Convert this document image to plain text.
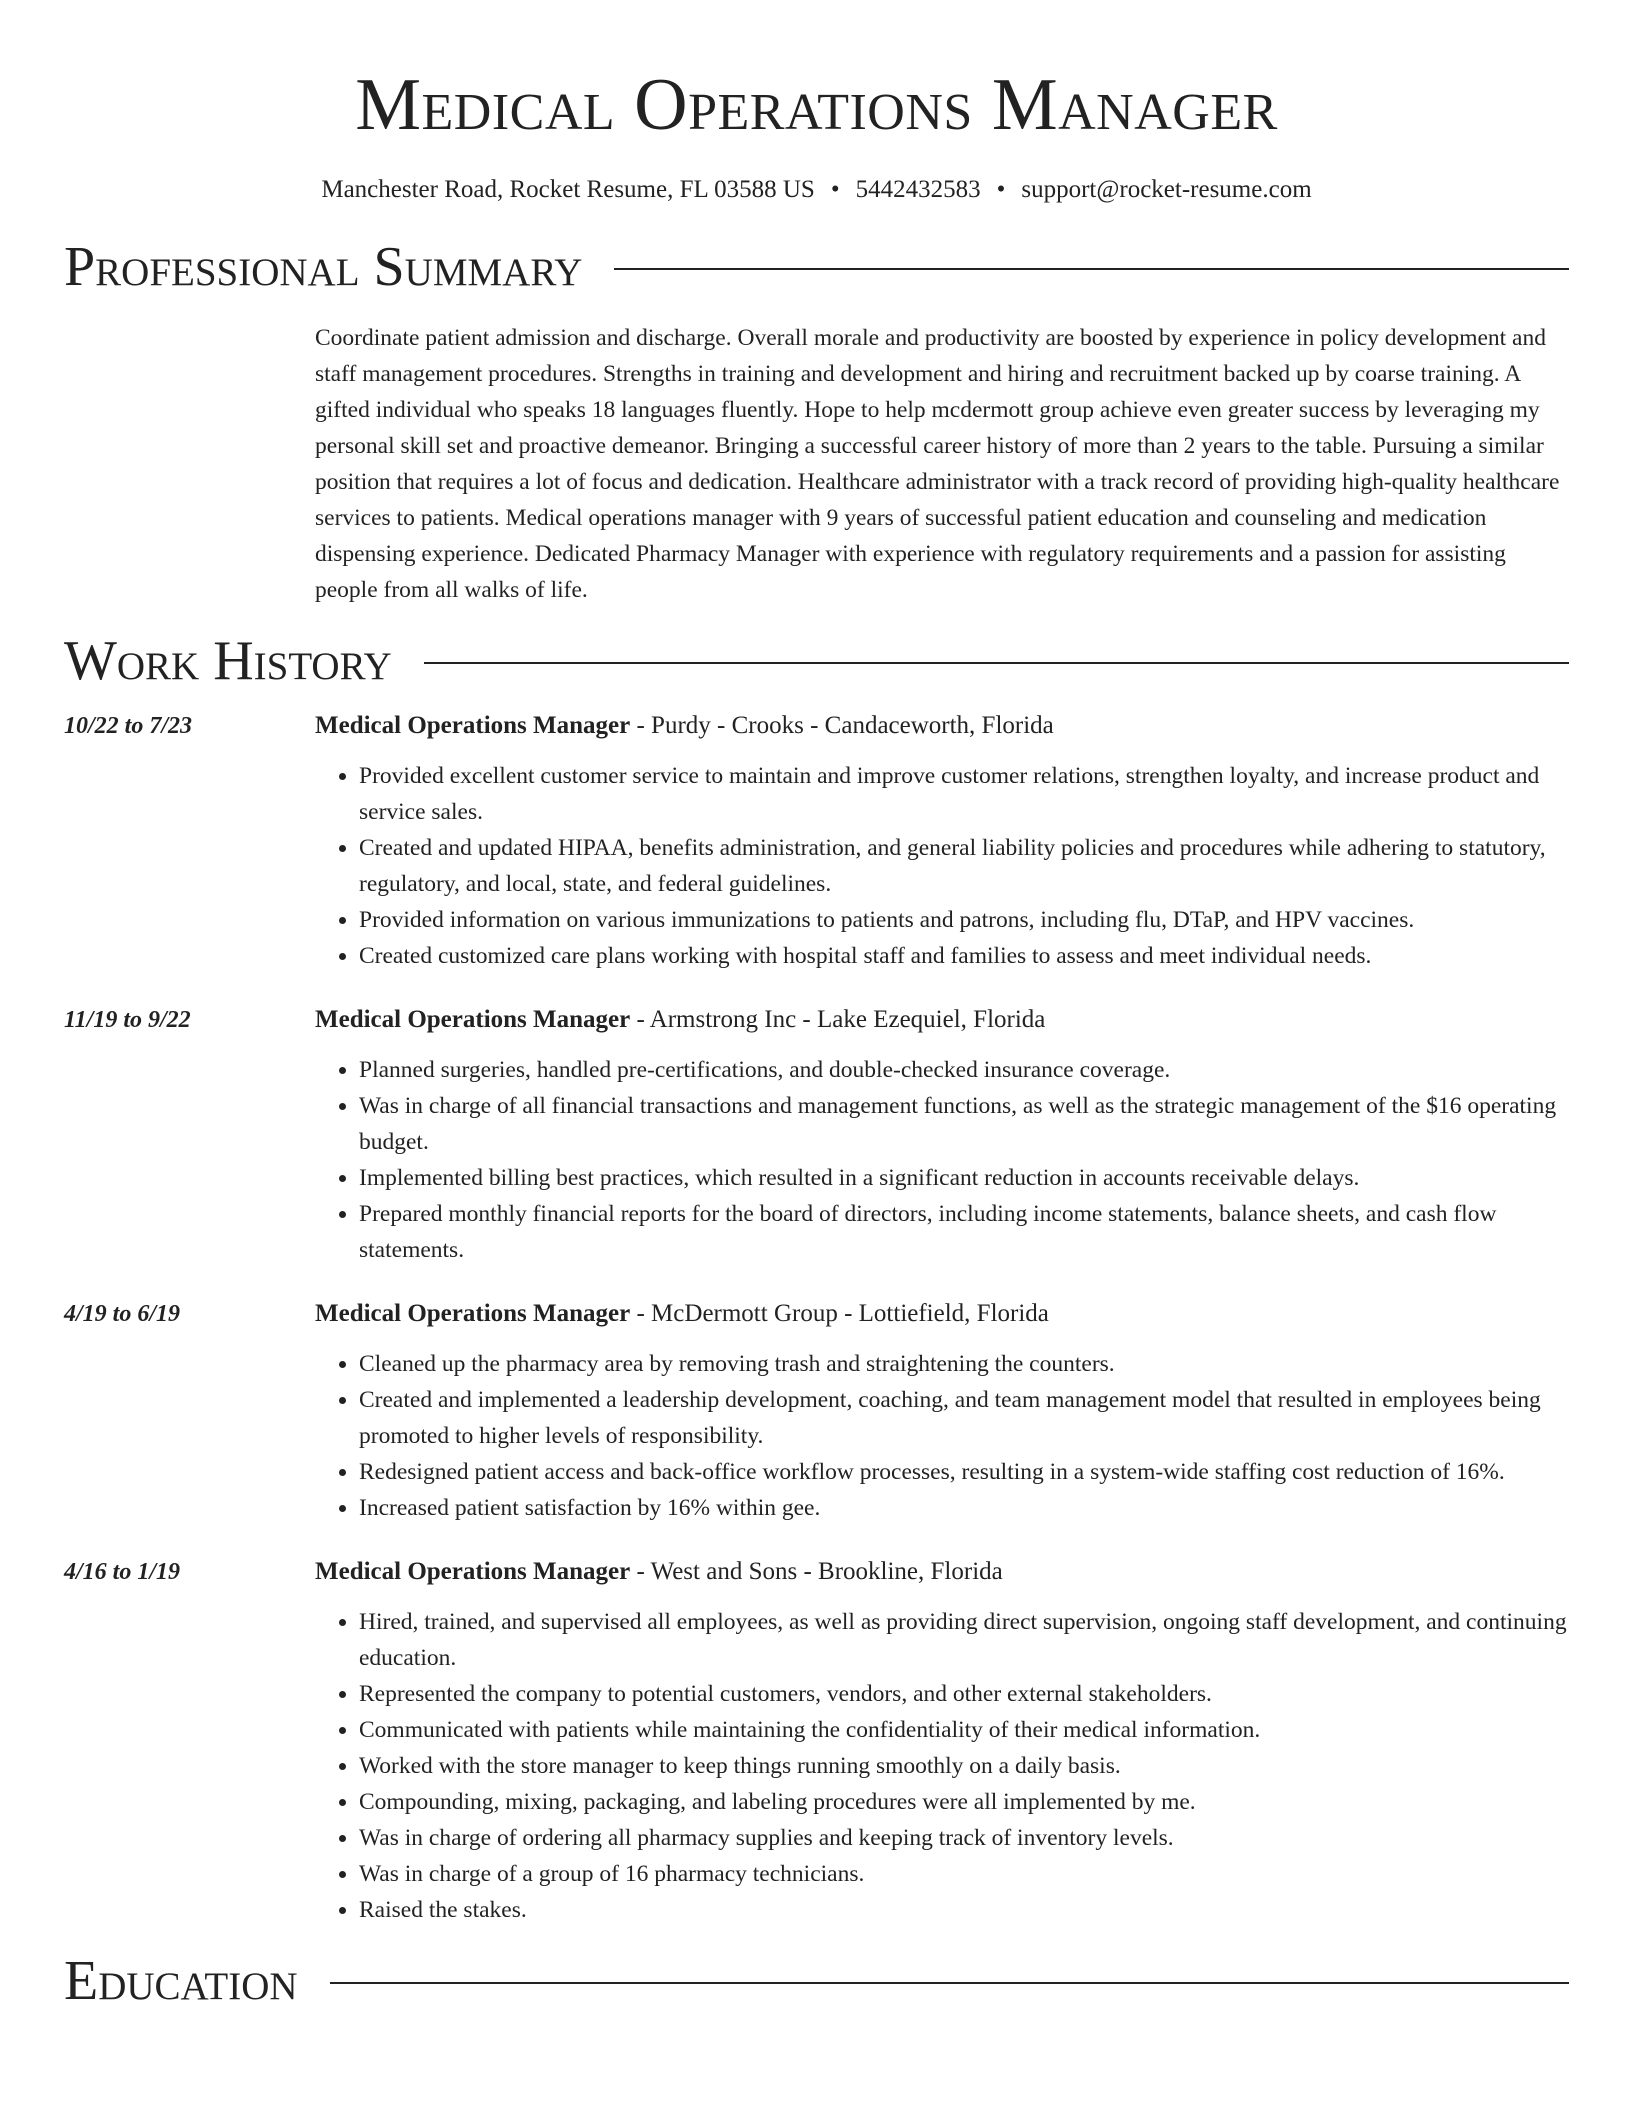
Medical Operations Manager
Manchester Road, Rocket Resume, FL 03588 US • 5442432583 • support@rocket-resume.com
Professional Summary
Coordinate patient admission and discharge. Overall morale and productivity are boosted by experience in policy development and staff management procedures. Strengths in training and development and hiring and recruitment backed up by coarse training. A gifted individual who speaks 18 languages fluently. Hope to help mcdermott group achieve even greater success by leveraging my personal skill set and proactive demeanor. Bringing a successful career history of more than 2 years to the table. Pursuing a similar position that requires a lot of focus and dedication. Healthcare administrator with a track record of providing high-quality healthcare services to patients. Medical operations manager with 9 years of successful patient education and counseling and medication dispensing experience. Dedicated Pharmacy Manager with experience with regulatory requirements and a passion for assisting people from all walks of life.
Work History
10/22 to 7/23	Medical Operations Manager - Purdy - Crooks - Candaceworth, Florida
• Provided excellent customer service to maintain and improve customer relations, strengthen loyalty, and increase product and service sales.
• Created and updated HIPAA, benefits administration, and general liability policies and procedures while adhering to statutory, regulatory, and local, state, and federal guidelines.
• Provided information on various immunizations to patients and patrons, including flu, DTaP, and HPV vaccines.
• Created customized care plans working with hospital staff and families to assess and meet individual needs.
11/19 to 9/22	Medical Operations Manager - Armstrong Inc - Lake Ezequiel, Florida
• Planned surgeries, handled pre-certifications, and double-checked insurance coverage.
• Was in charge of all financial transactions and management functions, as well as the strategic management of the $16 operating budget.
• Implemented billing best practices, which resulted in a significant reduction in accounts receivable delays.
• Prepared monthly financial reports for the board of directors, including income statements, balance sheets, and cash flow statements.
4/19 to 6/19	Medical Operations Manager - McDermott Group - Lottiefield, Florida
• Cleaned up the pharmacy area by removing trash and straightening the counters.
• Created and implemented a leadership development, coaching, and team management model that resulted in employees being promoted to higher levels of responsibility.
• Redesigned patient access and back-office workflow processes, resulting in a system-wide staffing cost reduction of 16%.
• Increased patient satisfaction by 16% within gee.
4/16 to 1/19	Medical Operations Manager - West and Sons - Brookline, Florida
• Hired, trained, and supervised all employees, as well as providing direct supervision, ongoing staff development, and continuing education.
• Represented the company to potential customers, vendors, and other external stakeholders.
• Communicated with patients while maintaining the confidentiality of their medical information.
• Worked with the store manager to keep things running smoothly on a daily basis.
• Compounding, mixing, packaging, and labeling procedures were all implemented by me.
• Was in charge of ordering all pharmacy supplies and keeping track of inventory levels.
• Was in charge of a group of 16 pharmacy technicians.
• Raised the stakes.
Education
